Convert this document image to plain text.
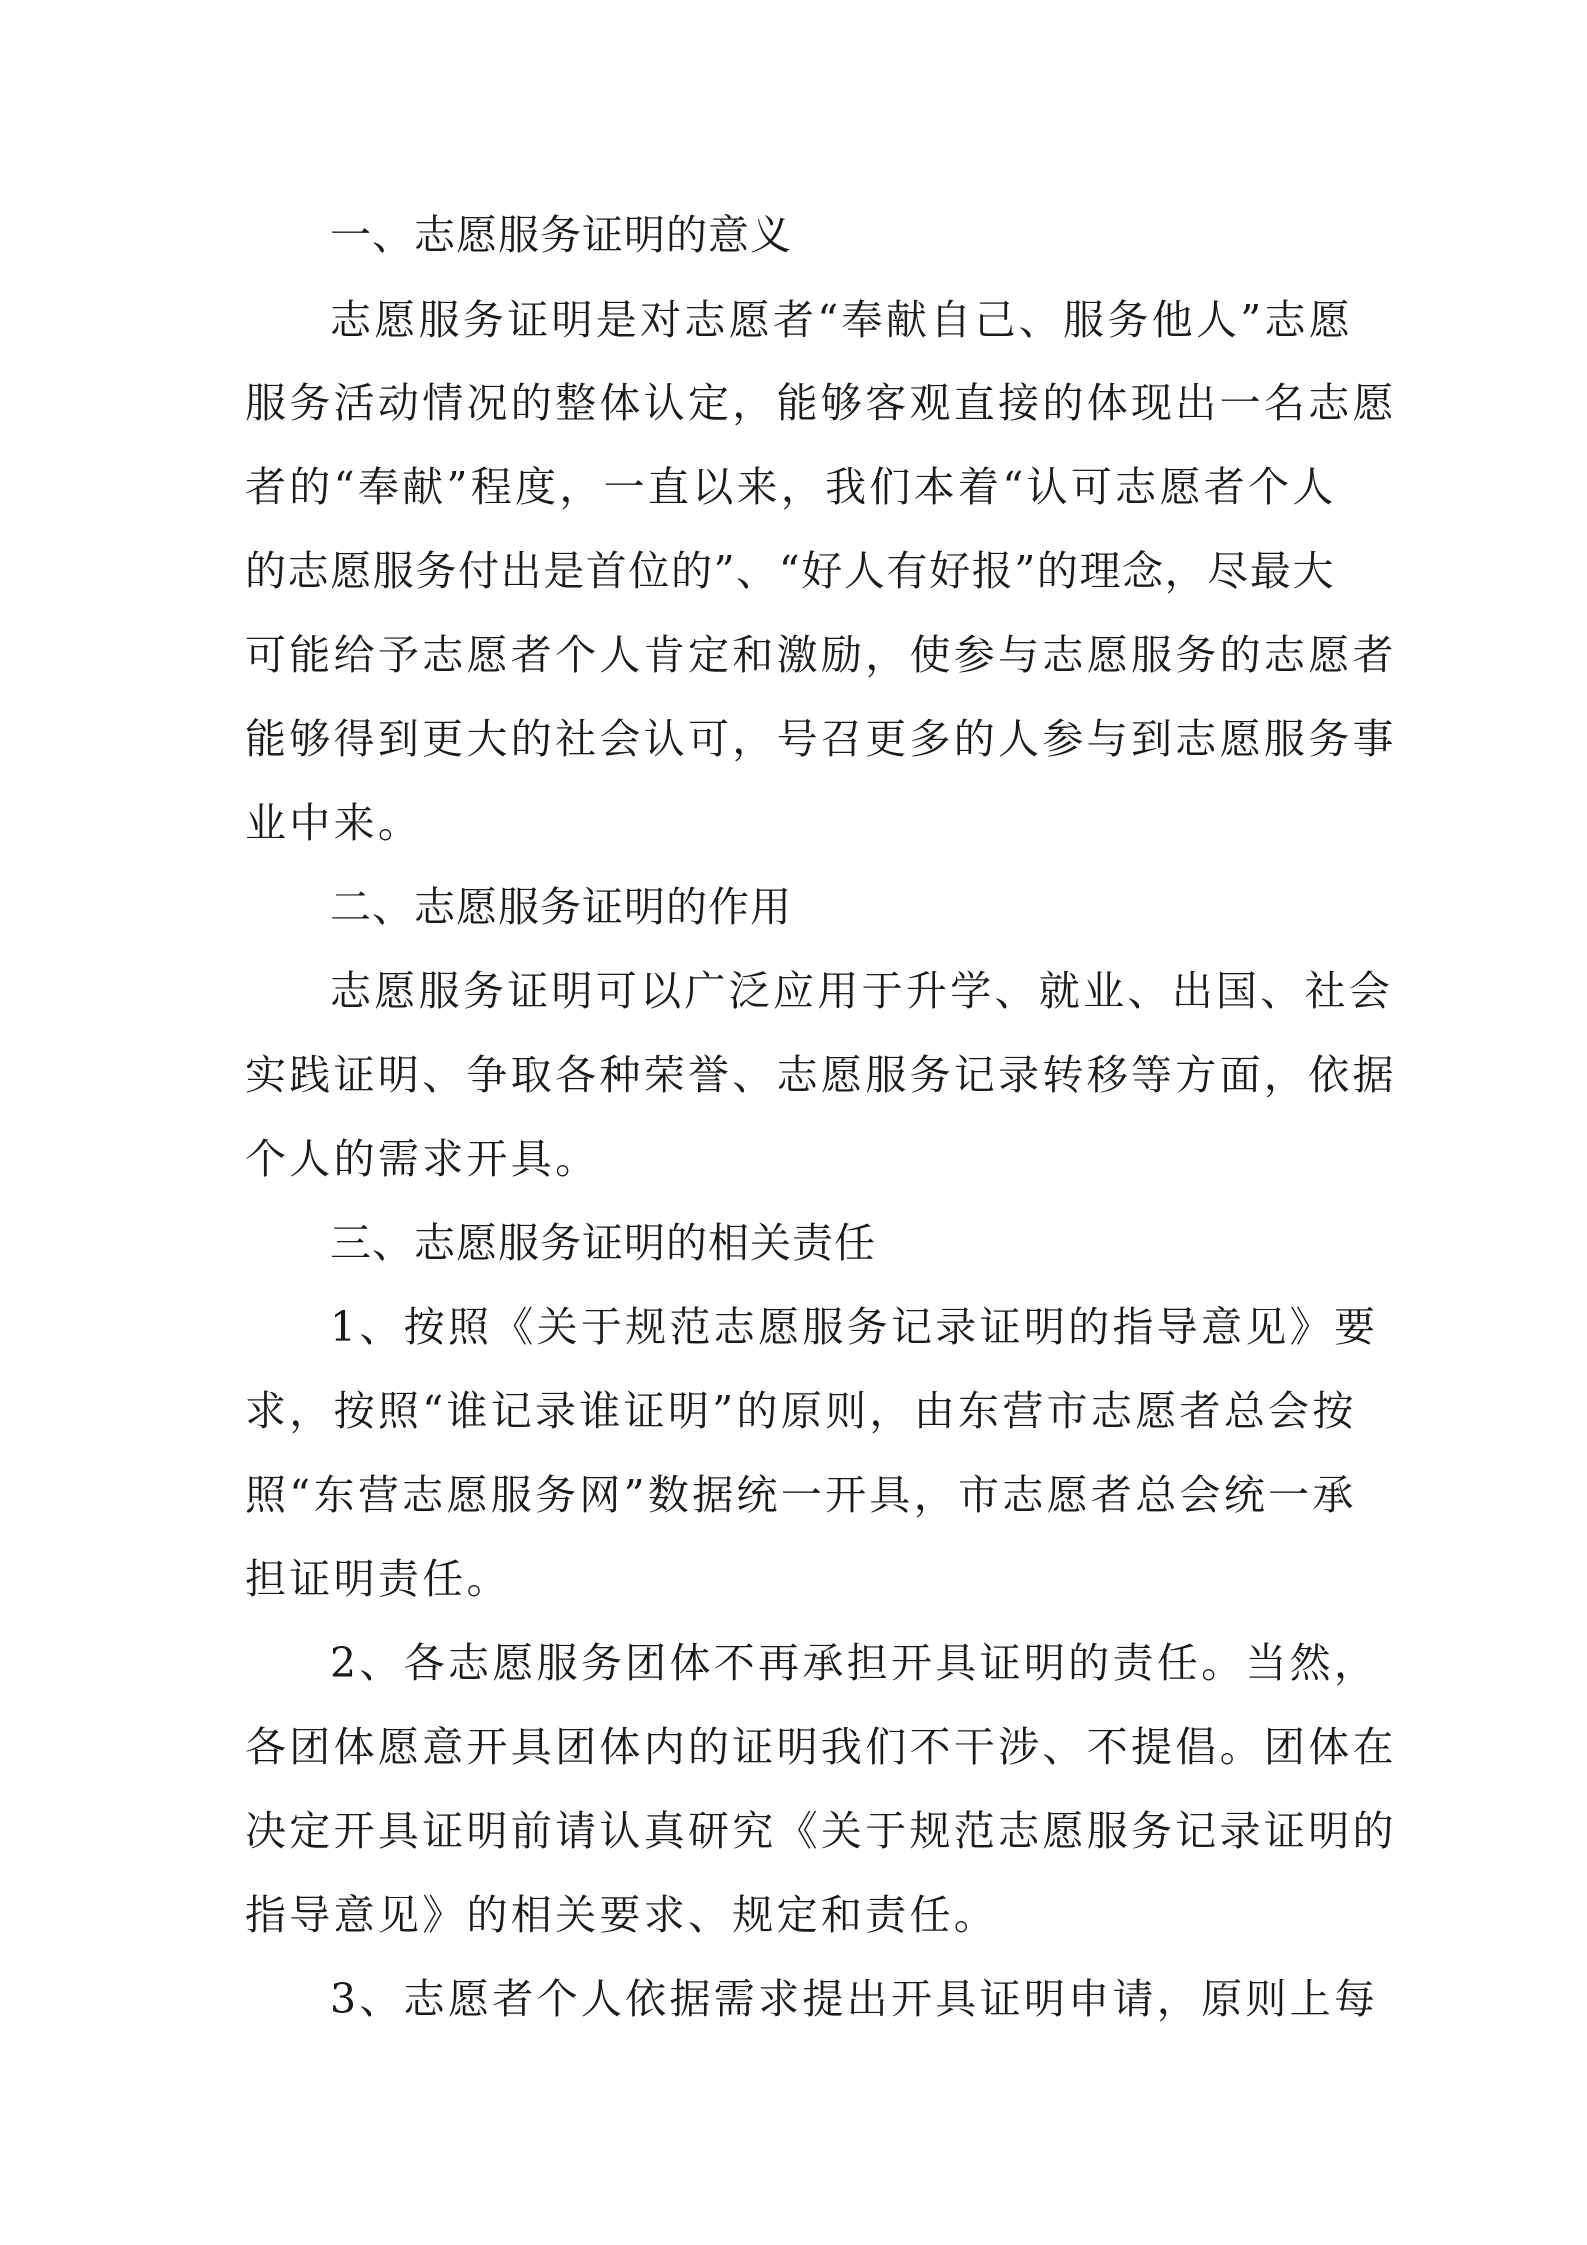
一、志愿服务证明的意义
志愿服务证明是对志愿者“奉献自己、服务他人”志愿
服务活动情况的整体认定，能够客观直接的体现出一名志愿
者的“奉献”程度，一直以来，我们本着“认可志愿者个人
的志愿服务付出是首位的”、“好人有好报”的理念，尽最大
可能给予志愿者个人肯定和激励，使参与志愿服务的志愿者
能够得到更大的社会认可，号召更多的人参与到志愿服务事
业中来。
二、志愿服务证明的作用
志愿服务证明可以广泛应用于升学、就业、出国、社会
实践证明、争取各种荣誉、志愿服务记录转移等方面，依据
个人的需求开具。
三、志愿服务证明的相关责任
1、按照《关于规范志愿服务记录证明的指导意见》要
求，按照“谁记录谁证明”的原则，由东营市志愿者总会按
照“东营志愿服务网”数据统一开具，市志愿者总会统一承
担证明责任。
2、各志愿服务团体不再承担开具证明的责任。当然，
各团体愿意开具团体内的证明我们不干涉、不提倡。团体在
决定开具证明前请认真研究《关于规范志愿服务记录证明的
指导意见》的相关要求、规定和责任。
3、志愿者个人依据需求提出开具证明申请，原则上每
